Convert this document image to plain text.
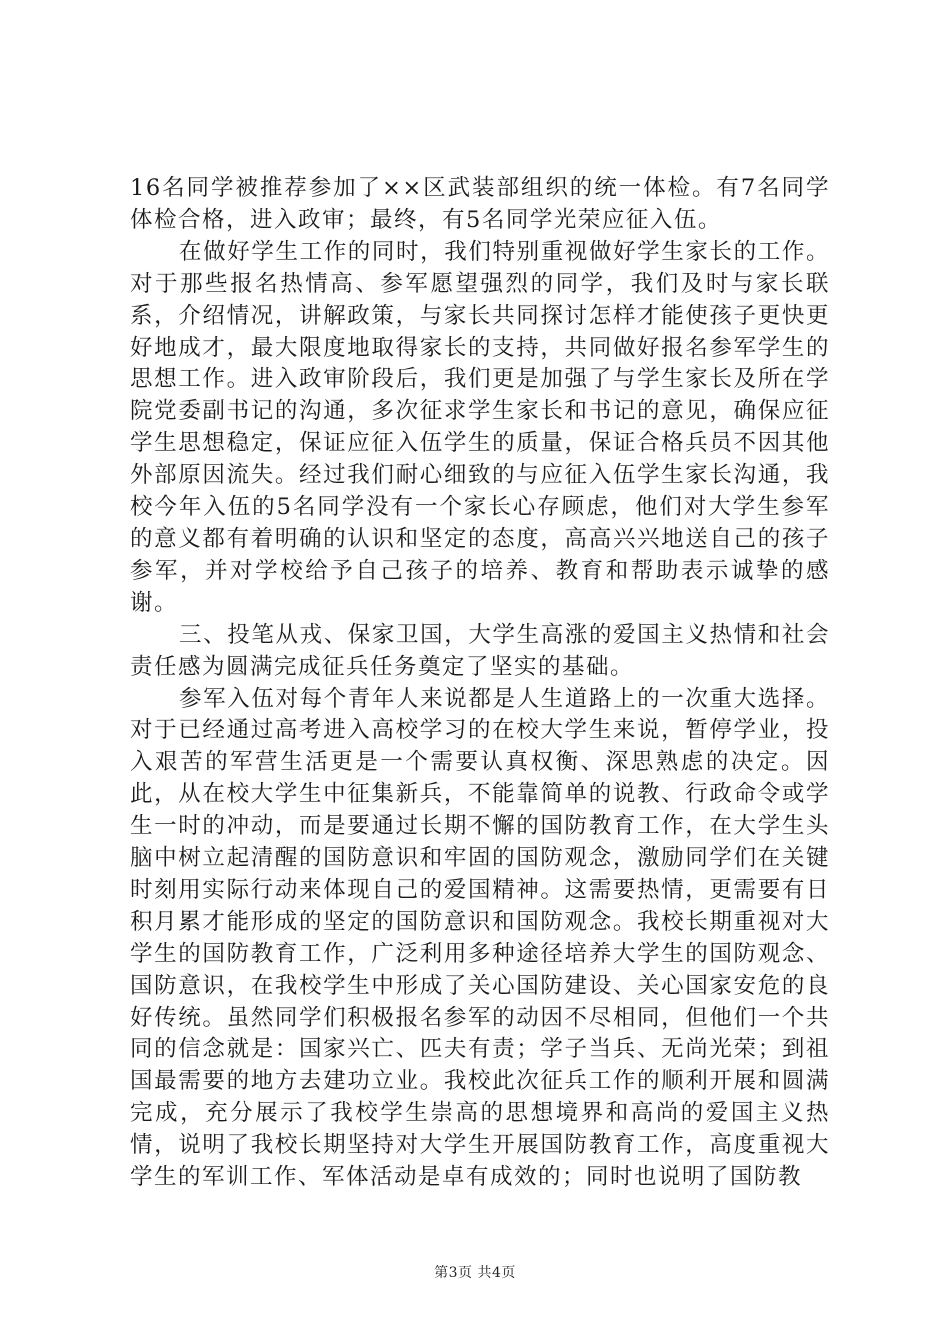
16名同学被推荐参加了××区武装部组织的统一体检。有7名同学体检合格，进入政审；最终，有5名同学光荣应征入伍。

在做好学生工作的同时，我们特别重视做好学生家长的工作。对于那些报名热情高、参军愿望强烈的同学，我们及时与家长联系，介绍情况，讲解政策，与家长共同探讨怎样才能使孩子更快更好地成才，最大限度地取得家长的支持，共同做好报名参军学生的思想工作。进入政审阶段后，我们更是加强了与学生家长及所在学院党委副书记的沟通，多次征求学生家长和书记的意见，确保应征学生思想稳定，保证应征入伍学生的质量，保证合格兵员不因其他外部原因流失。经过我们耐心细致的与应征入伍学生家长沟通，我校今年入伍的5名同学没有一个家长心存顾虑，他们对大学生参军的意义都有着明确的认识和坚定的态度，高高兴兴地送自己的孩子参军，并对学校给予自己孩子的培养、教育和帮助表示诚挚的感谢。

三、投笔从戎、保家卫国，大学生高涨的爱国主义热情和社会责任感为圆满完成征兵任务奠定了坚实的基础。

参军入伍对每个青年人来说都是人生道路上的一次重大选择。对于已经通过高考进入高校学习的在校大学生来说，暂停学业，投入艰苦的军营生活更是一个需要认真权衡、深思熟虑的决定。因此，从在校大学生中征集新兵，不能靠简单的说教、行政命令或学生一时的冲动，而是要通过长期不懈的国防教育工作，在大学生头脑中树立起清醒的国防意识和牢固的国防观念，激励同学们在关键时刻用实际行动来体现自己的爱国精神。这需要热情，更需要有日积月累才能形成的坚定的国防意识和国防观念。我校长期重视对大学生的国防教育工作，广泛利用多种途径培养大学生的国防观念、国防意识，在我校学生中形成了关心国防建设、关心国家安危的良好传统。虽然同学们积极报名参军的动因不尽相同，但他们一个共同的信念就是：国家兴亡、匹夫有责；学子当兵、无尚光荣；到祖国最需要的地方去建功立业。我校此次征兵工作的顺利开展和圆满完成，充分展示了我校学生崇高的思想境界和高尚的爱国主义热情，说明了我校长期坚持对大学生开展国防教育工作，高度重视大学生的军训工作、军体活动是卓有成效的；同时也说明了国防教

第3页 共4页
